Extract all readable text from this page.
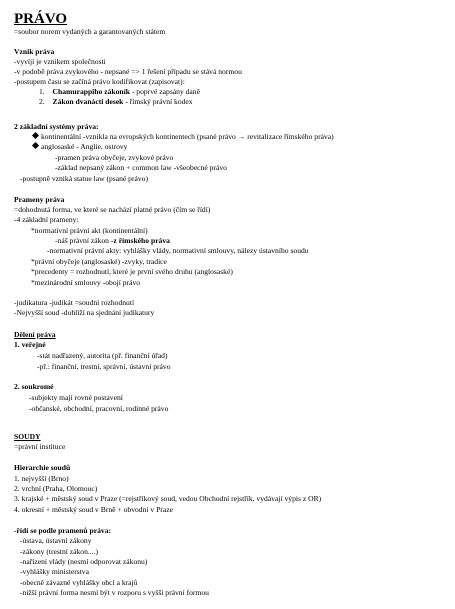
PRÁVO
=soubor norem vydaných a garantovaných státem
Vznik práva
-vyvíjí je vznikem společnosti
-v podobě práva zvykového - nepsané => 1 řešení případu se stává normou
-postupem času se začíná právo kodifikovat (zapisovat):
1. Chamurappiho zákoník - poprvé zapsány daně
2. Zákon dvanácti desek - římský právní kodex
2 základní systémy práva:
kontinentální -vznikla na evropských kontinentech (psané právo → revitalizace římského práva)
anglosaské - Anglie, ostrovy
-pramen práva obyčeje, zvykové právo
-základ nepsaný zákon + common law -všeobecné právo
-postupně vzniká statue law (psané právo)
Prameny práva
=dohodnutá forma, ve které se nachází platné právo (čím se řídí)
-4 základní prameny:
*normativní právní akt (kontinentální)
-náš právní zákon -z římského práva
-normativní právní akty: vyhlášky vlády, normativní smlouvy, nálezy ústavního soudu
*právní obyčeje (anglosaské) -zvyky, tradice
*precedenty = rozhodnutí, které je první svého druhu (anglosaské)
*mezinárodní smlouvy -obojí právo
-judikatura -judikát =soudní rozhodnutí
-Nejvyšší soud -dohlíží na sjednání judikatury
Dělení práva
1. veřejné
-stát nadřazený, autorita (př. finanční úřad)
-př.: finanční, trestní, správní, ústavní právo
2. soukromé
-subjekty mají rovné postavení
-občanské, obchodní, pracovní, rodinné právo
SOUDY
=právní instituce
Hierarchie soudů
1. nejvyšší (Brno)
2. vrchní (Praha, Olomouc)
3. krajské + městský soud v Praze (=rejstříkový soud, vedou Obchodní rejstřík, vydávají výpis z OR)
4. okresní + městský soud v Brně + obvodní v Praze
-řídí se podle pramenů práva:
-ústava, ústavní zákony
-zákony (trestní zákon....)
-nařízení vlády (nesmí odporovat zákonu)
-vyhlášky ministerstva
-obecně závazné vyhlášky obcí a krajů
-nižší právní forma nesmí být v rozporu s vyšší právní formou
